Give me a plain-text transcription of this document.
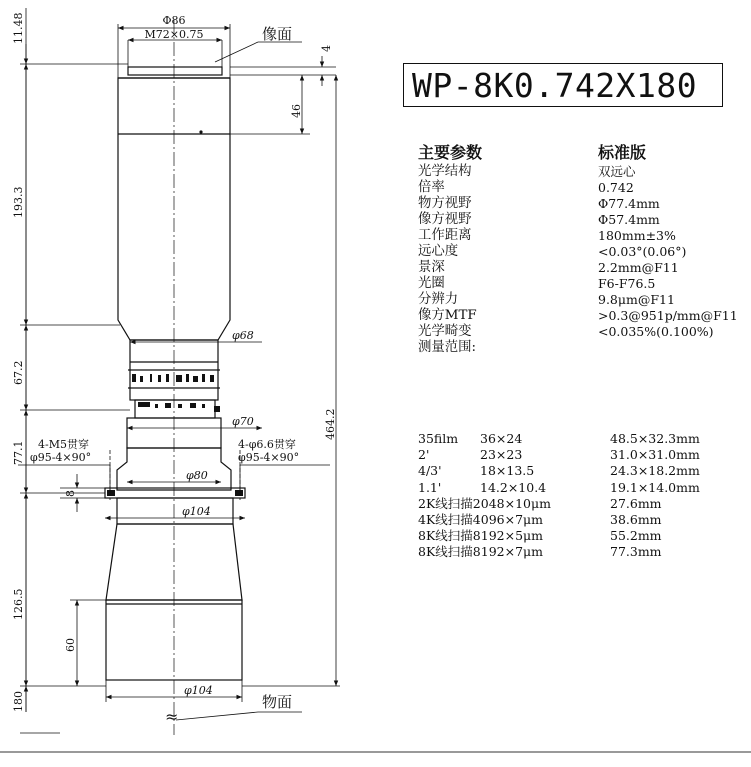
Φ86
M72×0.75	像面
4
46
464.2
11.48
193.3
67.2
77.1
126.5
180
8
60
φ68
φ70
φ80
φ104
φ104
物面
4-M5贯穿
φ95-4×90°
4-φ6.6贯穿
φ95-4×90°
≈
WP-8K0.742X180
主要参数	标准版
光学结构	双远心
倍率	0.742
物方视野	Φ77.4mm
像方视野	Φ57.4mm
工作距离	180mm±3%
远心度	<0.03°(0.06°)
景深	2.2mm@F11
光圈	F6-F76.5
分辨力	9.8μm@F11
像方MTF	>0.3@951p/mm@F11
光学畸变	<0.035%(0.100%)
测量范围:
35film	36×24	48.5×32.3mm
2'	23×23	31.0×31.0mm
4/3'	18×13.5	24.3×18.2mm
1.1'	14.2×10.4	19.1×14.0mm
2K线扫描2048×10μm	27.6mm
4K线扫描4096×7μm	38.6mm
8K线扫描8192×5μm	55.2mm
8K线扫描8192×7μm	77.3mm
